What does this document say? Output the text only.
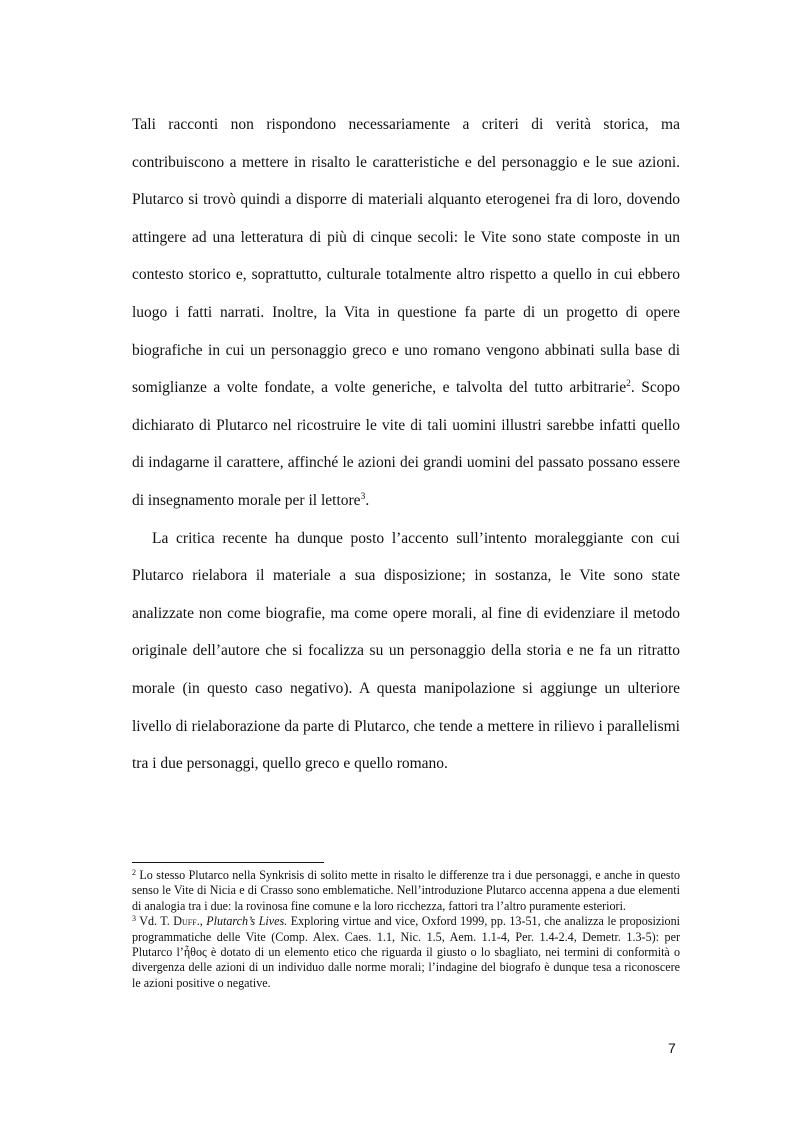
Tali racconti non rispondono necessariamente a criteri di verità storica, ma contribuiscono a mettere in risalto le caratteristiche e del personaggio e le sue azioni. Plutarco si trovò quindi a disporre di materiali alquanto eterogenei fra di loro, dovendo attingere ad una letteratura di più di cinque secoli: le Vite sono state composte in un contesto storico e, soprattutto, culturale totalmente altro rispetto a quello in cui ebbero luogo i fatti narrati. Inoltre, la Vita in questione fa parte di un progetto di opere biografiche in cui un personaggio greco e uno romano vengono abbinati sulla base di somiglianze a volte fondate, a volte generiche, e talvolta del tutto arbitrarie$^2$. Scopo dichiarato di Plutarco nel ricostruire le vite di tali uomini illustri sarebbe infatti quello di indagarne il carattere, affinché le azioni dei grandi uomini del passato possano essere di insegnamento morale per il lettore$^3$.

La critica recente ha dunque posto l’accento sull’intento moraleggiante con cui Plutarco rielabora il materiale a sua disposizione; in sostanza, le Vite sono state analizzate non come biografie, ma come opere morali, al fine di evidenziare il metodo originale dell’autore che si focalizza su un personaggio della storia e ne fa un ritratto morale (in questo caso negativo). A questa manipolazione si aggiunge un ulteriore livello di rielaborazione da parte di Plutarco, che tende a mettere in rilievo i parallelismi tra i due personaggi, quello greco e quello romano.

$^2$ Lo stesso Plutarco nella Synkrisis di solito mette in risalto le differenze tra i due personaggi, e anche in questo senso le Vite di Nicia e di Crasso sono emblematiche. Nell’introduzione Plutarco accenna appena a due elementi di analogia tra i due: la rovinosa fine comune e la loro ricchezza, fattori tra l’altro puramente esteriori.

$^3$ Vd. T. Duff., Plutarch’s Lives. Exploring virtue and vice, Oxford 1999, pp. 13-51, che analizza le proposizioni programmatiche delle Vite (Comp. Alex. Caes. 1.1, Nic. 1.5, Aem. 1.1-4, Per. 1.4-2.4, Demetr. 1.3-5): per Plutarco l’ἦθος è dotato di un elemento etico che riguarda il giusto o lo sbagliato, nei termini di conformità o divergenza delle azioni di un individuo dalle norme morali; l’indagine del biografo è dunque tesa a riconoscere le azioni positive o negative.

7
